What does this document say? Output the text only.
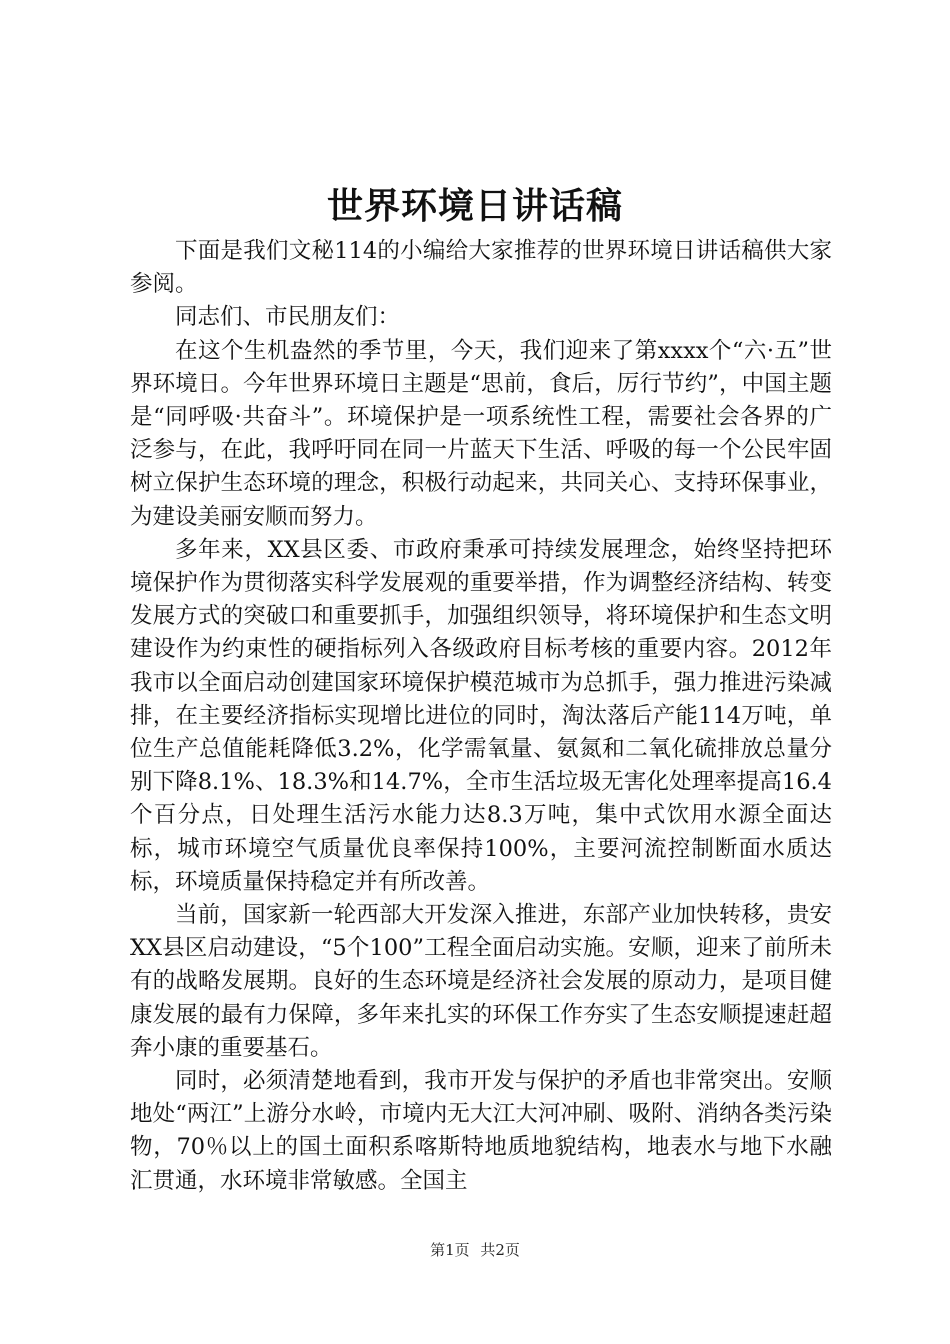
世界环境日讲话稿

下面是我们文秘114的小编给大家推荐的世界环境日讲话稿供大家参阅。

同志们、市民朋友们：

在这个生机盎然的季节里，今天，我们迎来了第xxxx个“六·五”世界环境日。今年世界环境日主题是“思前，食后，厉行节约”，中国主题是“同呼吸·共奋斗”。环境保护是一项系统性工程，需要社会各界的广泛参与，在此，我呼吁同在同一片蓝天下生活、呼吸的每一个公民牢固树立保护生态环境的理念，积极行动起来，共同关心、支持环保事业，为建设美丽安顺而努力。

多年来，XX县区委、市政府秉承可持续发展理念，始终坚持把环境保护作为贯彻落实科学发展观的重要举措，作为调整经济结构、转变发展方式的突破口和重要抓手，加强组织领导，将环境保护和生态文明建设作为约束性的硬指标列入各级政府目标考核的重要内容。2012年我市以全面启动创建国家环境保护模范城市为总抓手，强力推进污染减排，在主要经济指标实现增比进位的同时，淘汰落后产能114万吨，单位生产总值能耗降低3.2%，化学需氧量、氨氮和二氧化硫排放总量分别下降8.1%、18.3%和14.7%，全市生活垃圾无害化处理率提高16.4个百分点，日处理生活污水能力达8.3万吨，集中式饮用水源全面达标，城市环境空气质量优良率保持100%，主要河流控制断面水质达标，环境质量保持稳定并有所改善。

当前，国家新一轮西部大开发深入推进，东部产业加快转移，贵安XX县区启动建设，“5个100”工程全面启动实施。安顺，迎来了前所未有的战略发展期。良好的生态环境是经济社会发展的原动力，是项目健康发展的最有力保障，多年来扎实的环保工作夯实了生态安顺提速赶超奔小康的重要基石。

同时，必须清楚地看到，我市开发与保护的矛盾也非常突出。安顺地处“两江”上游分水岭，市境内无大江大河冲刷、吸附、消纳各类污染物，70％以上的国土面积系喀斯特地质地貌结构，地表水与地下水融汇贯通，水环境非常敏感。全国主

第1页 共2页
